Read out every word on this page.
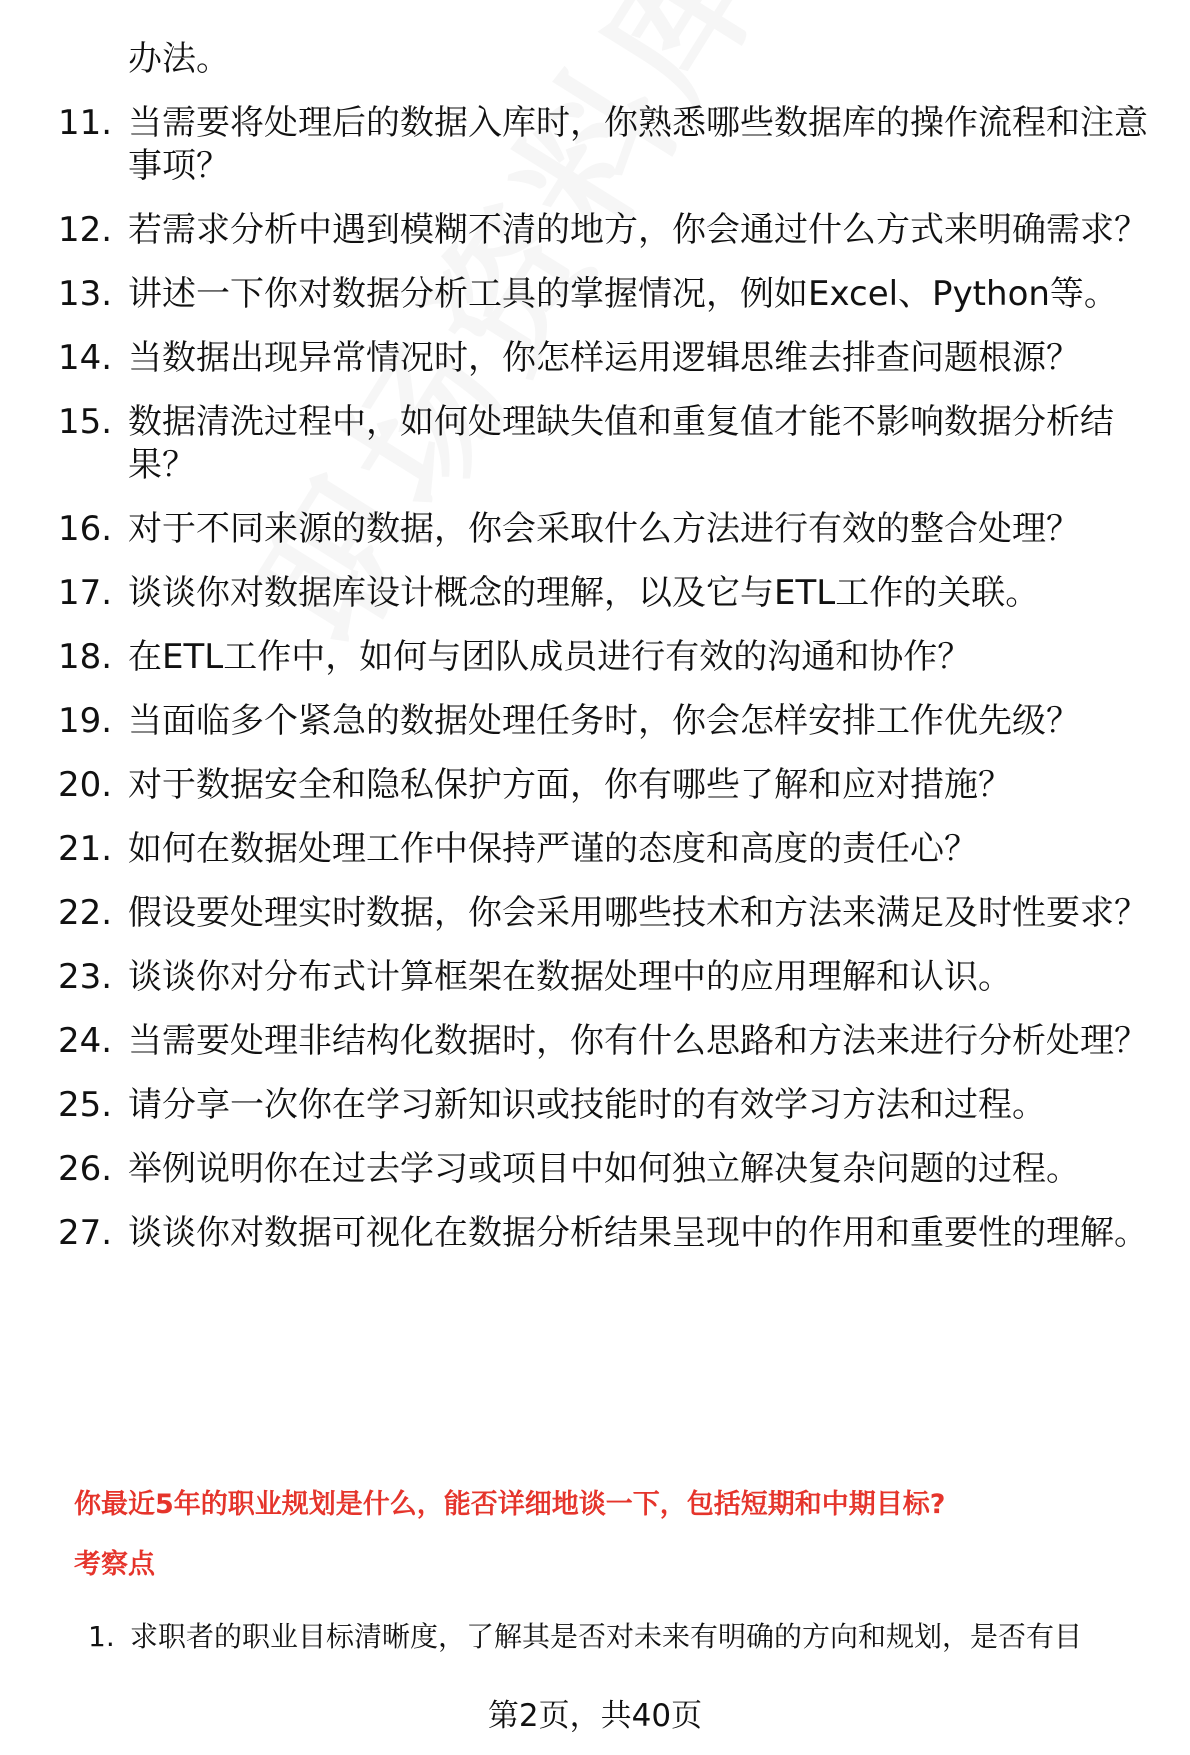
办法。
11. 当需要将处理后的数据入库时，你熟悉哪些数据库的操作流程和注意事项？
12. 若需求分析中遇到模糊不清的地方，你会通过什么方式来明确需求？
13. 讲述一下你对数据分析工具的掌握情况，例如Excel、Python等。
14. 当数据出现异常情况时，你怎样运用逻辑思维去排查问题根源？
15. 数据清洗过程中，如何处理缺失值和重复值才能不影响数据分析结果？
16. 对于不同来源的数据，你会采取什么方法进行有效的整合处理？
17. 谈谈你对数据库设计概念的理解，以及它与ETL工作的关联。
18. 在ETL工作中，如何与团队成员进行有效的沟通和协作？
19. 当面临多个紧急的数据处理任务时，你会怎样安排工作优先级？
20. 对于数据安全和隐私保护方面，你有哪些了解和应对措施？
21. 如何在数据处理工作中保持严谨的态度和高度的责任心？
22. 假设要处理实时数据，你会采用哪些技术和方法来满足及时性要求？
23. 谈谈你对分布式计算框架在数据处理中的应用理解和认识。
24. 当需要处理非结构化数据时，你有什么思路和方法来进行分析处理？
25. 请分享一次你在学习新知识或技能时的有效学习方法和过程。
26. 举例说明你在过去学习或项目中如何独立解决复杂问题的过程。
27. 谈谈你对数据可视化在数据分析结果呈现中的作用和重要性的理解。
你最近5年的职业规划是什么，能否详细地谈一下，包括短期和中期目标?
考察点
1. 求职者的职业目标清晰度，了解其是否对未来有明确的方向和规划，是否有目

第2页，共40页
